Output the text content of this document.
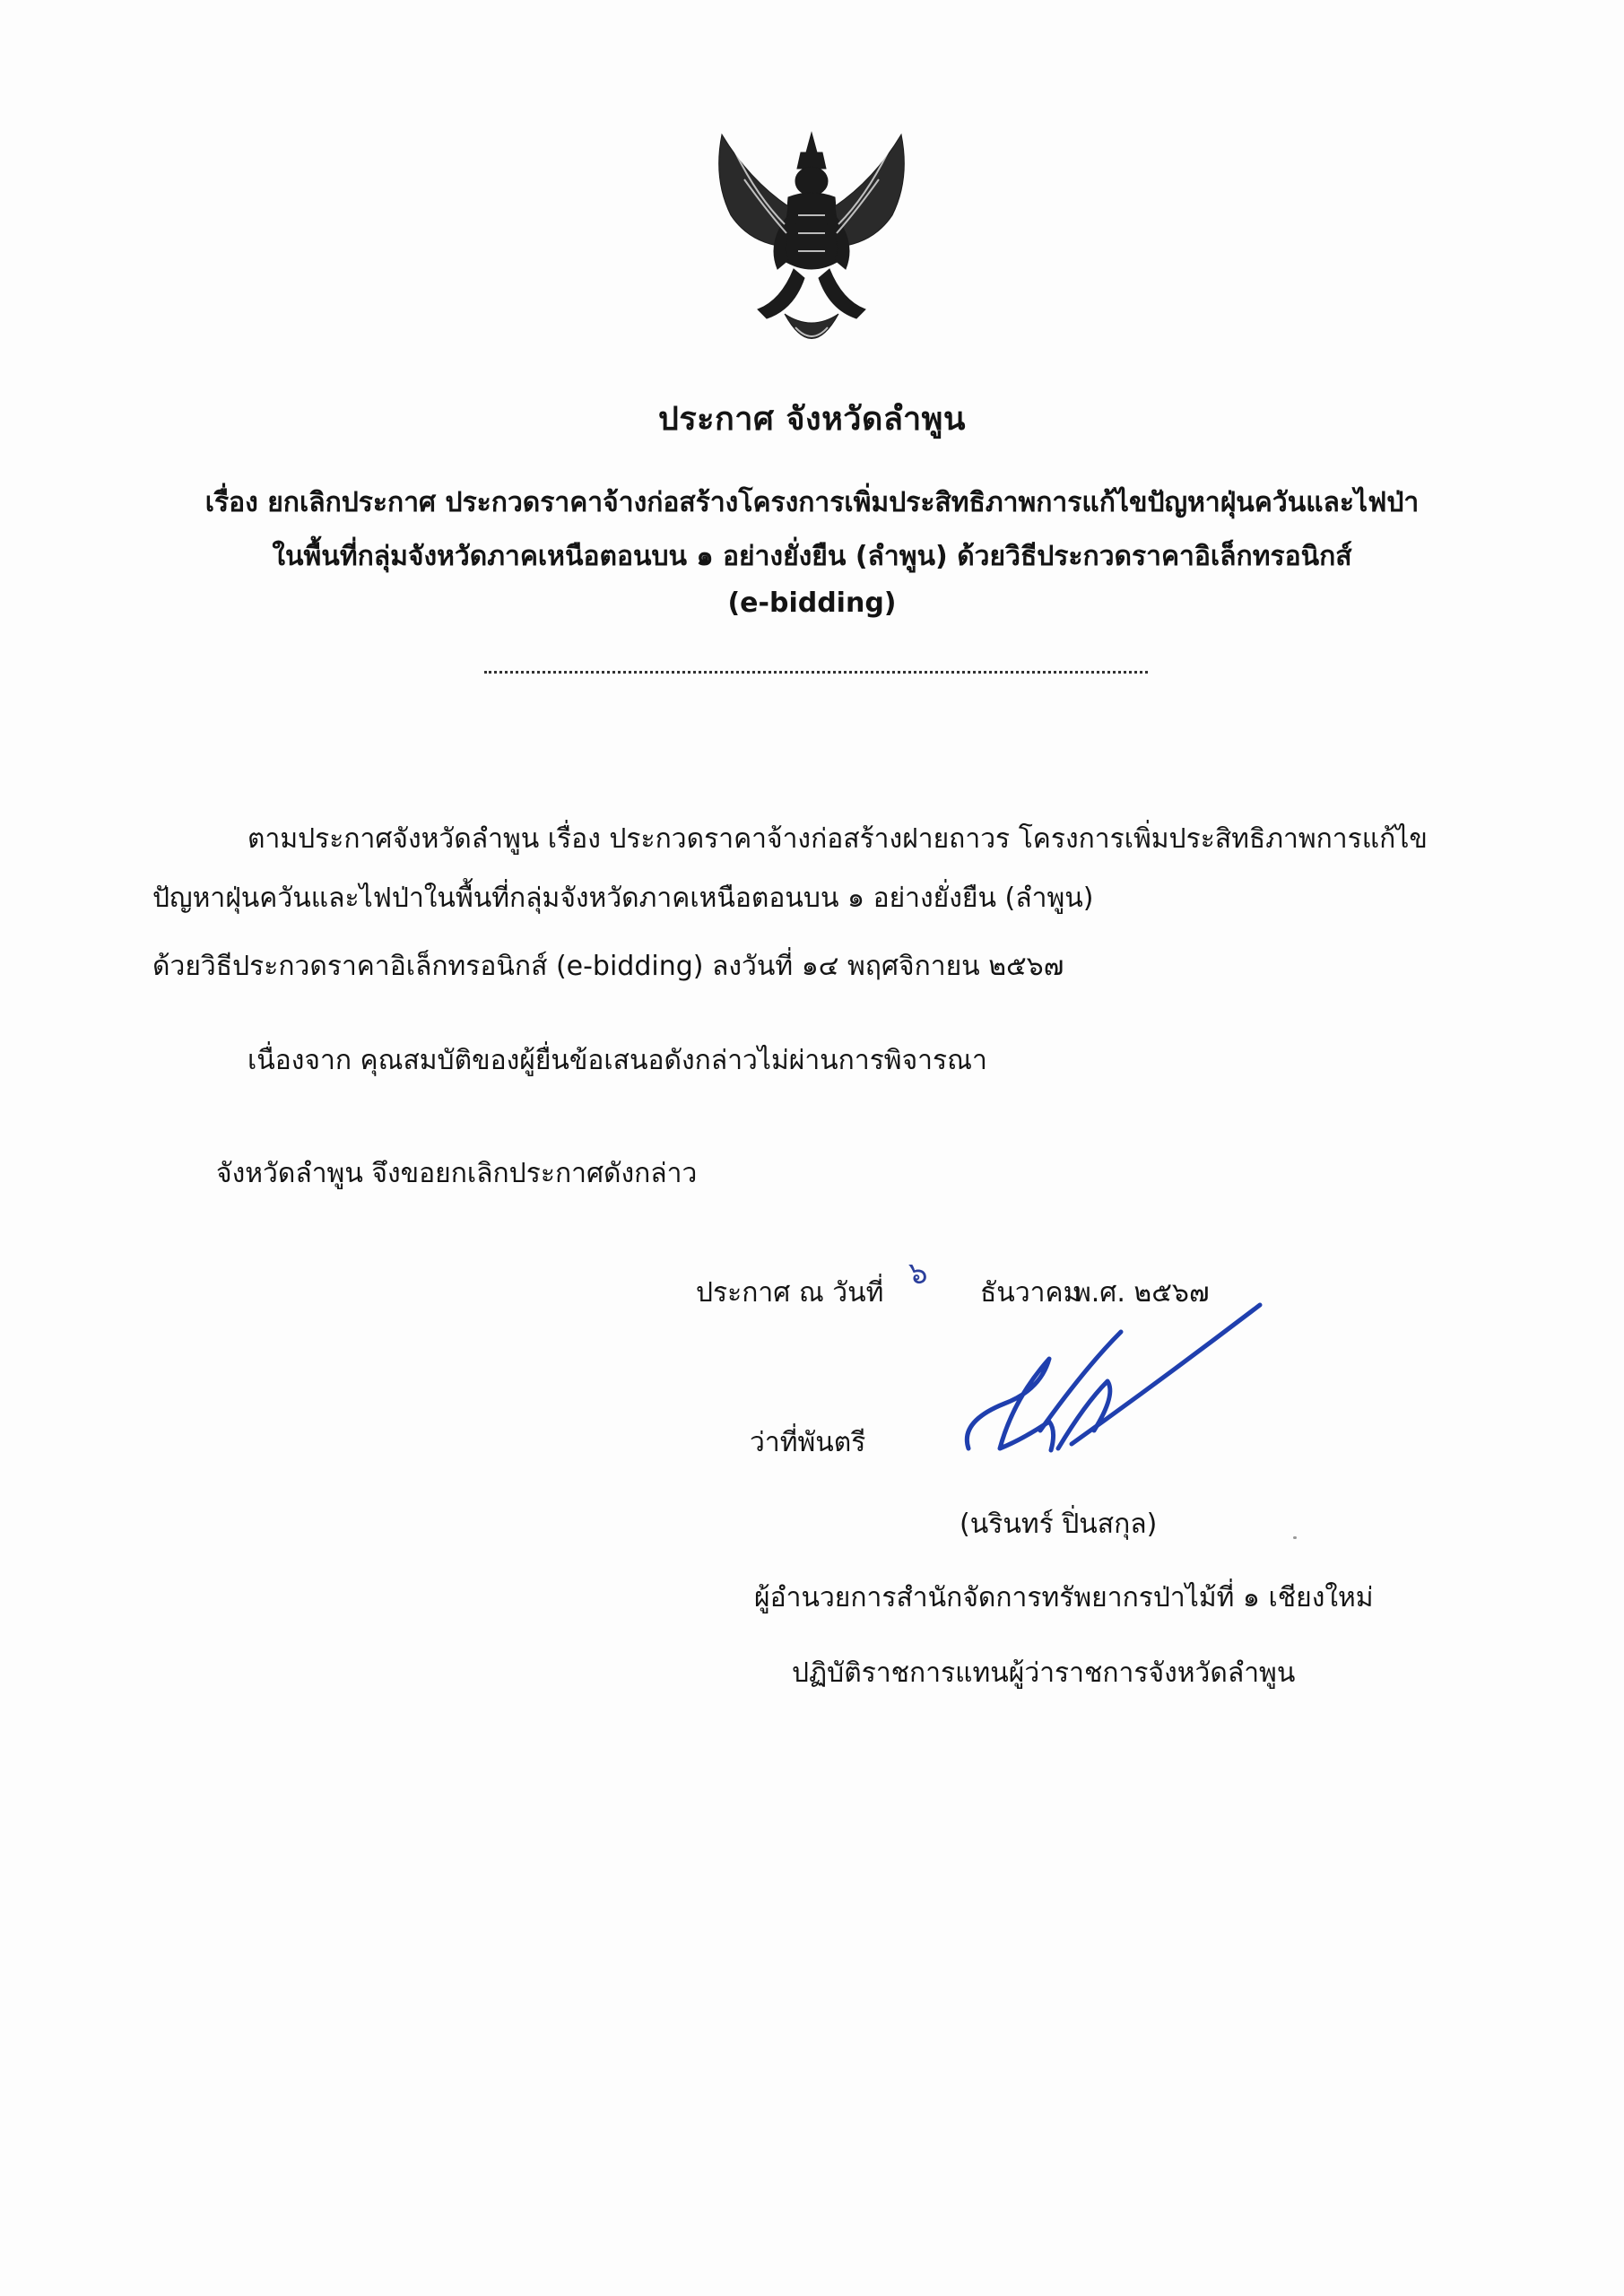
ประกาศ จังหวัดลำพูน
เรื่อง ยกเลิกประกาศ ประกวดราคาจ้างก่อสร้างโครงการเพิ่มประสิทธิภาพการแก้ไขปัญหาฝุ่นควันและไฟป่า
ในพื้นที่กลุ่มจังหวัดภาคเหนือตอนบน ๑ อย่างยั่งยืน (ลำพูน) ด้วยวิธีประกวดราคาอิเล็กทรอนิกส์
(e-bidding)
ตามประกาศจังหวัดลำพูน เรื่อง ประกวดราคาจ้างก่อสร้างฝายถาวร โครงการเพิ่มประสิทธิภาพการแก้ไข
ปัญหาฝุ่นควันและไฟป่าในพื้นที่กลุ่มจังหวัดภาคเหนือตอนบน ๑ อย่างยั่งยืน (ลำพูน)
ด้วยวิธีประกวดราคาอิเล็กทรอนิกส์ (e-bidding) ลงวันที่ ๑๔ พฤศจิกายน ๒๕๖๗
เนื่องจาก คุณสมบัติของผู้ยื่นข้อเสนอดังกล่าวไม่ผ่านการพิจารณา
จังหวัดลำพูน จึงขอยกเลิกประกาศดังกล่าว
ประกาศ ณ วันที่
๖
ธันวาคม
พ.ศ. ๒๕๖๗
ว่าที่พันตรี
(นรินทร์ ปิ่นสกุล)
ผู้อำนวยการสำนักจัดการทรัพยากรป่าไม้ที่ ๑ เชียงใหม่
ปฏิบัติราชการแทนผู้ว่าราชการจังหวัดลำพูน
